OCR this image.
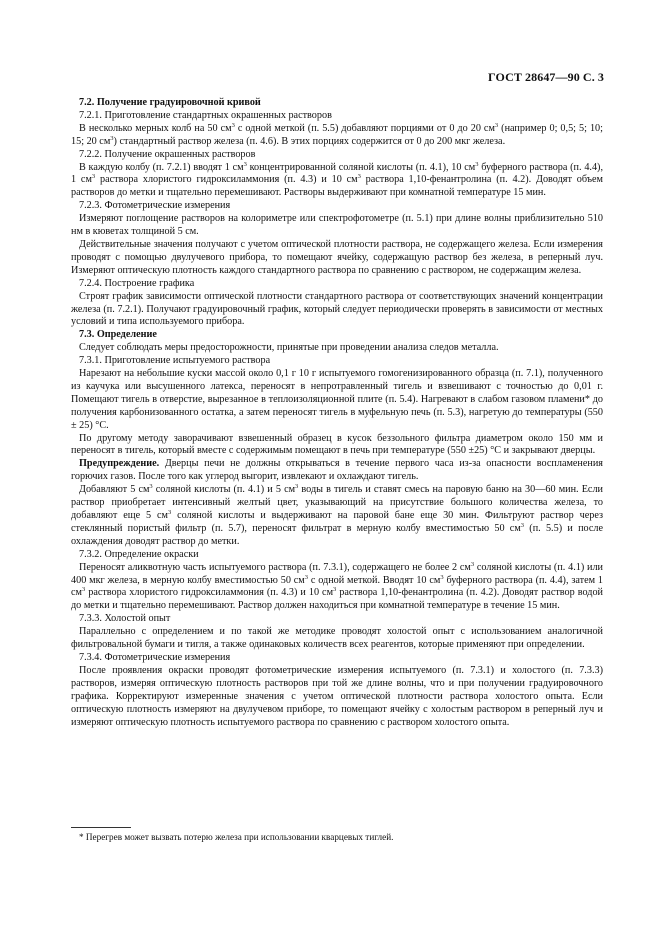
ГОСТ 28647—90 С. 3

7.2. Получение градуировочной кривой

7.2.1. Приготовление стандартных окрашенных растворов

В несколько мерных колб на 50 $см^3$ с одной меткой (п. 5.5) добавляют порциями от 0 до 20 $см^3$ (например 0; 0,5; 5; 10; 15; 20 $см^3$) стандартный раствор железа (п. 4.6). В этих порциях содержится от 0 до 200 мкг железа.

7.2.2. Получение окрашенных растворов

В каждую колбу (п. 7.2.1) вводят 1 $см^3$ концентрированной соляной кислоты (п. 4.1), 10 $см^3$ буферного раствора (п. 4.4), 1 $см^3$ раствора хлористого гидроксиламмония (п. 4.3) и 10 $см^3$ раствора 1,10-фенантролина (п. 4.2). Доводят объем растворов до метки и тщательно перемешивают. Растворы выдерживают при комнатной температуре 15 мин.

7.2.3. Фотометрические измерения

Измеряют поглощение растворов на колориметре или спектрофотометре (п. 5.1) при длине волны приблизительно 510 нм в кюветах толщиной 5 см.

Действительные значения получают с учетом оптической плотности раствора, не содержащего железа. Если измерения проводят с помощью двулучевого прибора, то помещают ячейку, содержащую раствор без железа, в реперный луч. Измеряют оптическую плотность каждого стандартного раствора по сравнению с раствором, не содержащим железа.

7.2.4. Построение графика

Строят график зависимости оптической плотности стандартного раствора от соответствующих значений концентрации железа (п. 7.2.1). Получают градуировочный график, который следует периодически проверять в зависимости от местных условий и типа используемого прибора.

7.3. Определение

Следует соблюдать меры предосторожности, принятые при проведении анализа следов металла.

7.3.1. Приготовление испытуемого раствора

Нарезают на небольшие куски массой около 0,1 г 10 г испытуемого гомогенизированного образца (п. 7.1), полученного из каучука или высушенного латекса, переносят в непротравленный тигель и взвешивают с точностью до 0,01 г. Помещают тигель в отверстие, вырезанное в теплоизоляционной плите (п. 5.4). Нагревают в слабом газовом пламени* до получения карбонизованного остатка, а затем переносят тигель в муфельную печь (п. 5.3), нагретую до температуры (550 ± 25) °С.

По другому методу заворачивают взвешенный образец в кусок беззольного фильтра диаметром около 150 мм и переносят в тигель, который вместе с содержимым помещают в печь при температуре (550 ±25) °С и закрывают дверцы.

Предупреждение. Дверцы печи не должны открываться в течение первого часа из-за опасности воспламенения горючих газов. После того как углерод выгорит, извлекают и охлаждают тигель.

Добавляют 5 $см^3$ соляной кислоты (п. 4.1) и 5 $см^3$ воды в тигель и ставят смесь на паровую баню на 30—60 мин. Если раствор приобретает интенсивный желтый цвет, указывающий на присутствие большого количества железа, то добавляют еще 5 $см^3$ соляной кислоты и выдерживают на паровой бане еще 30 мин. Фильтруют раствор через стеклянный пористый фильтр (п. 5.7), переносят фильтрат в мерную колбу вместимостью 50 $см^3$ (п. 5.5) и после охлаждения доводят раствор до метки.

7.3.2. Определение окраски

Переносят аликвотную часть испытуемого раствора (п. 7.3.1), содержащего не более 2 $см^3$ соляной кислоты (п. 4.1) или 400 мкг железа, в мерную колбу вместимостью 50 $см^3$ с одной меткой. Вводят 10 $см^3$ буферного раствора (п. 4.4), затем 1 $см^3$ раствора хлористого гидроксиламмония (п. 4.3) и 10 $см^3$ раствора 1,10-фенантролина (п. 4.2). Доводят раствор водой до метки и тщательно перемешивают. Раствор должен находиться при комнатной температуре в течение 15 мин.

7.3.3. Холостой опыт

Параллельно с определением и по такой же методике проводят холостой опыт с использованием аналогичной фильтровальной бумаги и тигля, а также одинаковых количеств всех реагентов, которые применяют при определении.

7.3.4. Фотометрические измерения

После проявления окраски проводят фотометрические измерения испытуемого (п. 7.3.1) и холостого (п. 7.3.3) растворов, измеряя оптическую плотность растворов при той же длине волны, что и при получении градуировочного графика. Корректируют измеренные значения с учетом оптической плотности раствора холостого опыта. Если оптическую плотность измеряют на двулучевом приборе, то помещают ячейку с холостым раствором в реперный луч и измеряют оптическую плотность испытуемого раствора по сравнению с раствором холостого опыта.

* Перегрев может вызвать потерю железа при использовании кварцевых тиглей.
